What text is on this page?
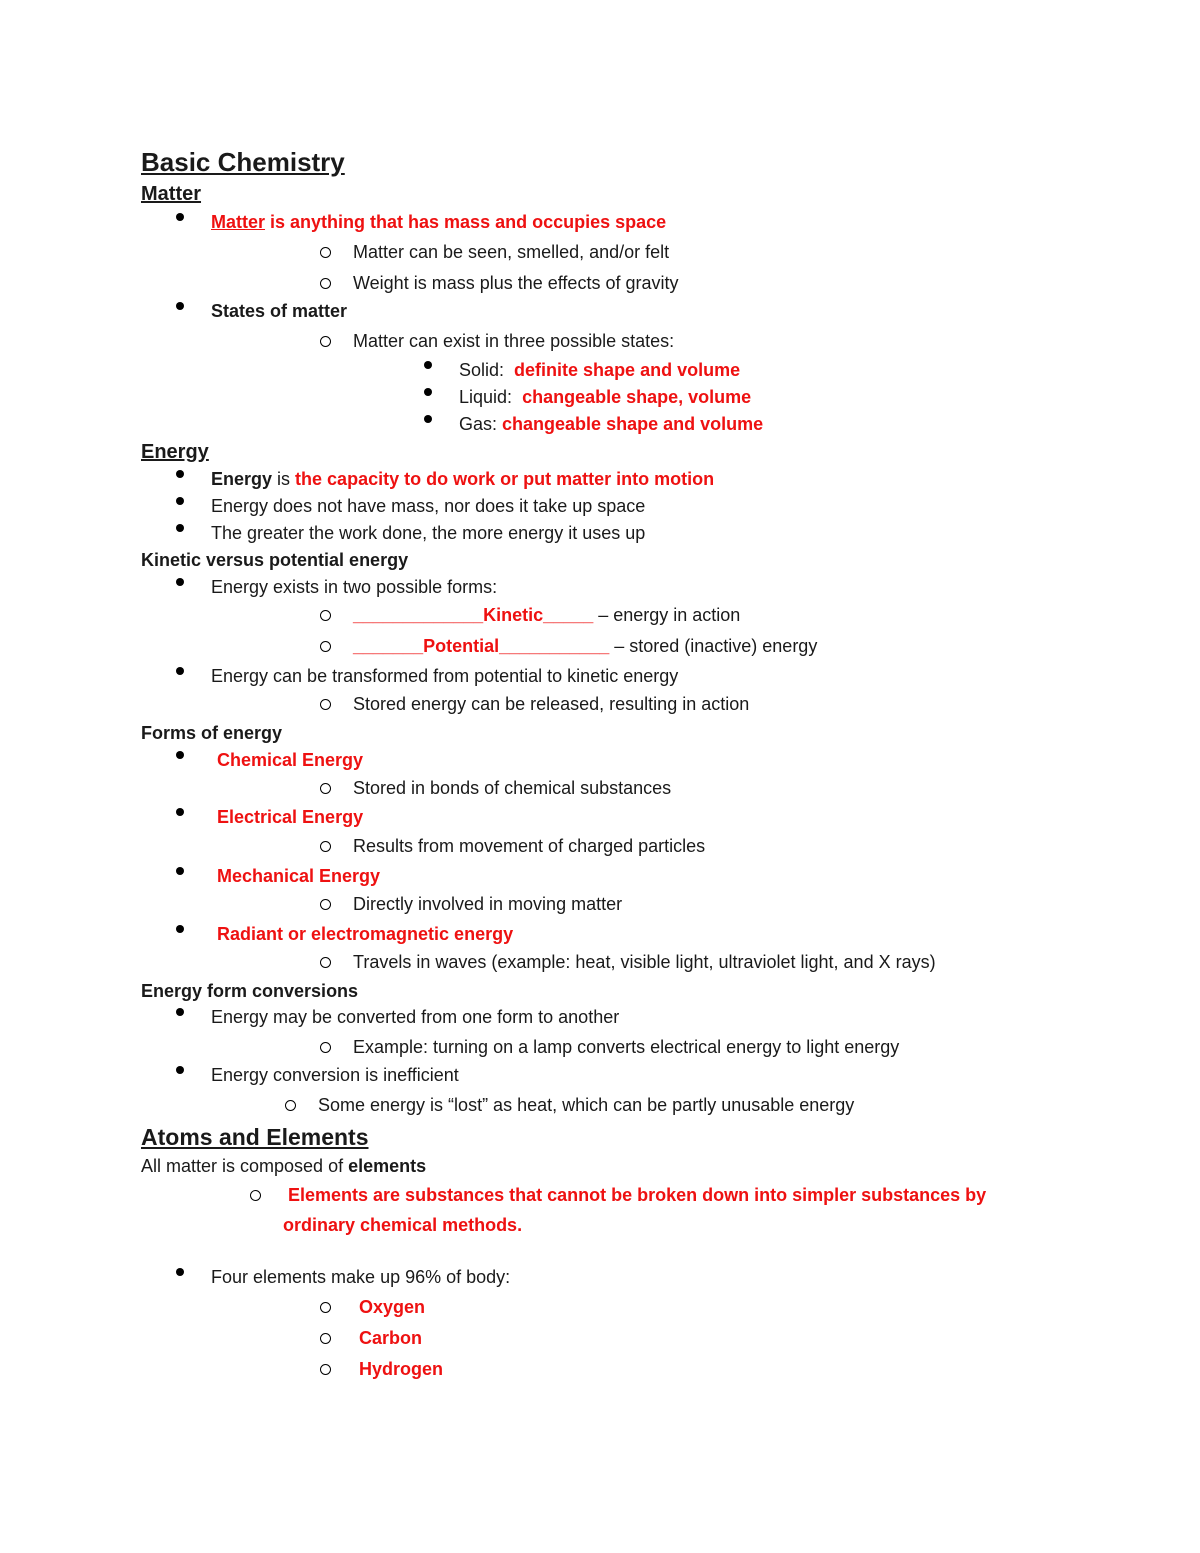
Basic Chemistry
Matter
Matter is anything that has mass and occupies space
Matter can be seen, smelled, and/or felt
Weight is mass plus the effects of gravity
States of matter
Matter can exist in three possible states:
Solid: definite shape and volume
Liquid: changeable shape, volume
Gas: changeable shape and volume
Energy
Energy is the capacity to do work or put matter into motion
Energy does not have mass, nor does it take up space
The greater the work done, the more energy it uses up
Kinetic versus potential energy
Energy exists in two possible forms:
_____________Kinetic_____ – energy in action
_______Potential___________ – stored (inactive) energy
Energy can be transformed from potential to kinetic energy
Stored energy can be released, resulting in action
Forms of energy
Chemical Energy
Stored in bonds of chemical substances
Electrical Energy
Results from movement of charged particles
Mechanical Energy
Directly involved in moving matter
Radiant or electromagnetic energy
Travels in waves (example: heat, visible light, ultraviolet light, and X rays)
Energy form conversions
Energy may be converted from one form to another
Example: turning on a lamp converts electrical energy to light energy
Energy conversion is inefficient
Some energy is “lost” as heat, which can be partly unusable energy
Atoms and Elements
All matter is composed of elements
Elements are substances that cannot be broken down into simpler substances by
ordinary chemical methods.
Four elements make up 96% of body:
Oxygen
Carbon
Hydrogen
